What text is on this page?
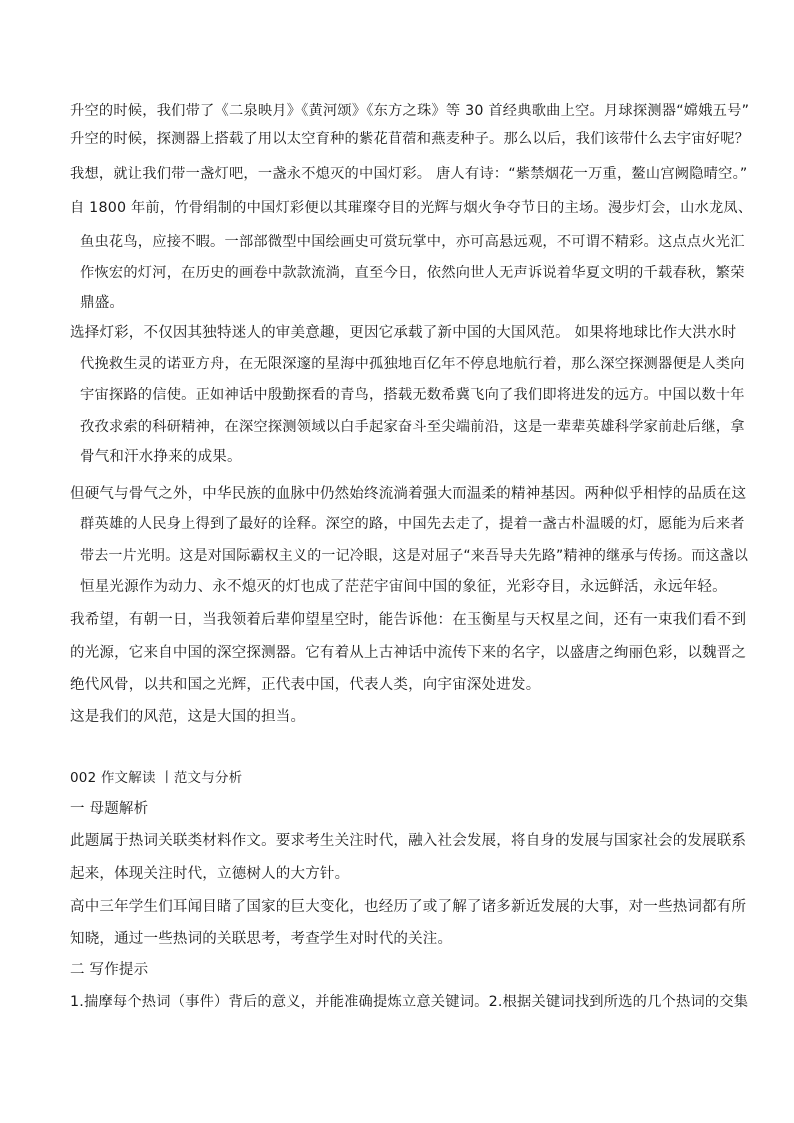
升空的时候，我们带了《二泉映月》《黄河颂》《东方之珠》等 30 首经典歌曲上空。月球探测器“嫦娥五号”
升空的时候，探测器上搭载了用以太空育种的紫花苜蓿和燕麦种子。那么以后，我们该带什么去宇宙好呢？
我想，就让我们带一盏灯吧，一盏永不熄灭的中国灯彩。 唐人有诗：“紫禁烟花一万重，鳌山宫阙隐晴空。”
自 1800 年前，竹骨绢制的中国灯彩便以其璀璨夺目的光辉与烟火争夺节日的主场。漫步灯会，山水龙凤、
鱼虫花鸟，应接不暇。一部部微型中国绘画史可赏玩掌中，亦可高悬远观，不可谓不精彩。这点点火光汇
作恢宏的灯河，在历史的画卷中款款流淌，直至今日，依然向世人无声诉说着华夏文明的千载春秋，繁荣
鼎盛。
选择灯彩，不仅因其独特迷人的审美意趣，更因它承载了新中国的大国风范。 如果将地球比作大洪水时
代挽救生灵的诺亚方舟，在无限深邃的星海中孤独地百亿年不停息地航行着，那么深空探测器便是人类向
宇宙探路的信使。正如神话中殷勤探看的青鸟，搭载无数希冀飞向了我们即将进发的远方。中国以数十年
孜孜求索的科研精神，在深空探测领域以白手起家奋斗至尖端前沿，这是一辈辈英雄科学家前赴后继，拿
骨气和汗水挣来的成果。
但硬气与骨气之外，中华民族的血脉中仍然始终流淌着强大而温柔的精神基因。两种似乎相悖的品质在这
群英雄的人民身上得到了最好的诠释。深空的路，中国先去走了，提着一盏古朴温暖的灯，愿能为后来者
带去一片光明。这是对国际霸权主义的一记冷眼，这是对屈子“来吾导夫先路”精神的继承与传扬。而这盏以
恒星光源作为动力、永不熄灭的灯也成了茫茫宇宙间中国的象征，光彩夺目，永远鲜活，永远年轻。
我希望，有朝一日，当我领着后辈仰望星空时，能告诉他：在玉衡星与天权星之间，还有一束我们看不到
的光源，它来自中国的深空探测器。它有着从上古神话中流传下来的名字，以盛唐之绚丽色彩，以魏晋之
绝代风骨，以共和国之光辉，正代表中国，代表人类，向宇宙深处进发。
这是我们的风范，这是大国的担当。
002 作文解读 丨范文与分析
一 母题解析
此题属于热词关联类材料作文。要求考生关注时代，融入社会发展，将自身的发展与国家社会的发展联系
起来，体现关注时代，立德树人的大方针。
高中三年学生们耳闻目睹了国家的巨大变化，也经历了或了解了诸多新近发展的大事，对一些热词都有所
知晓，通过一些热词的关联思考，考查学生对时代的关注。
二 写作提示
1.揣摩每个热词（事件）背后的意义，并能准确提炼立意关键词。2.根据关键词找到所选的几个热词的交集
